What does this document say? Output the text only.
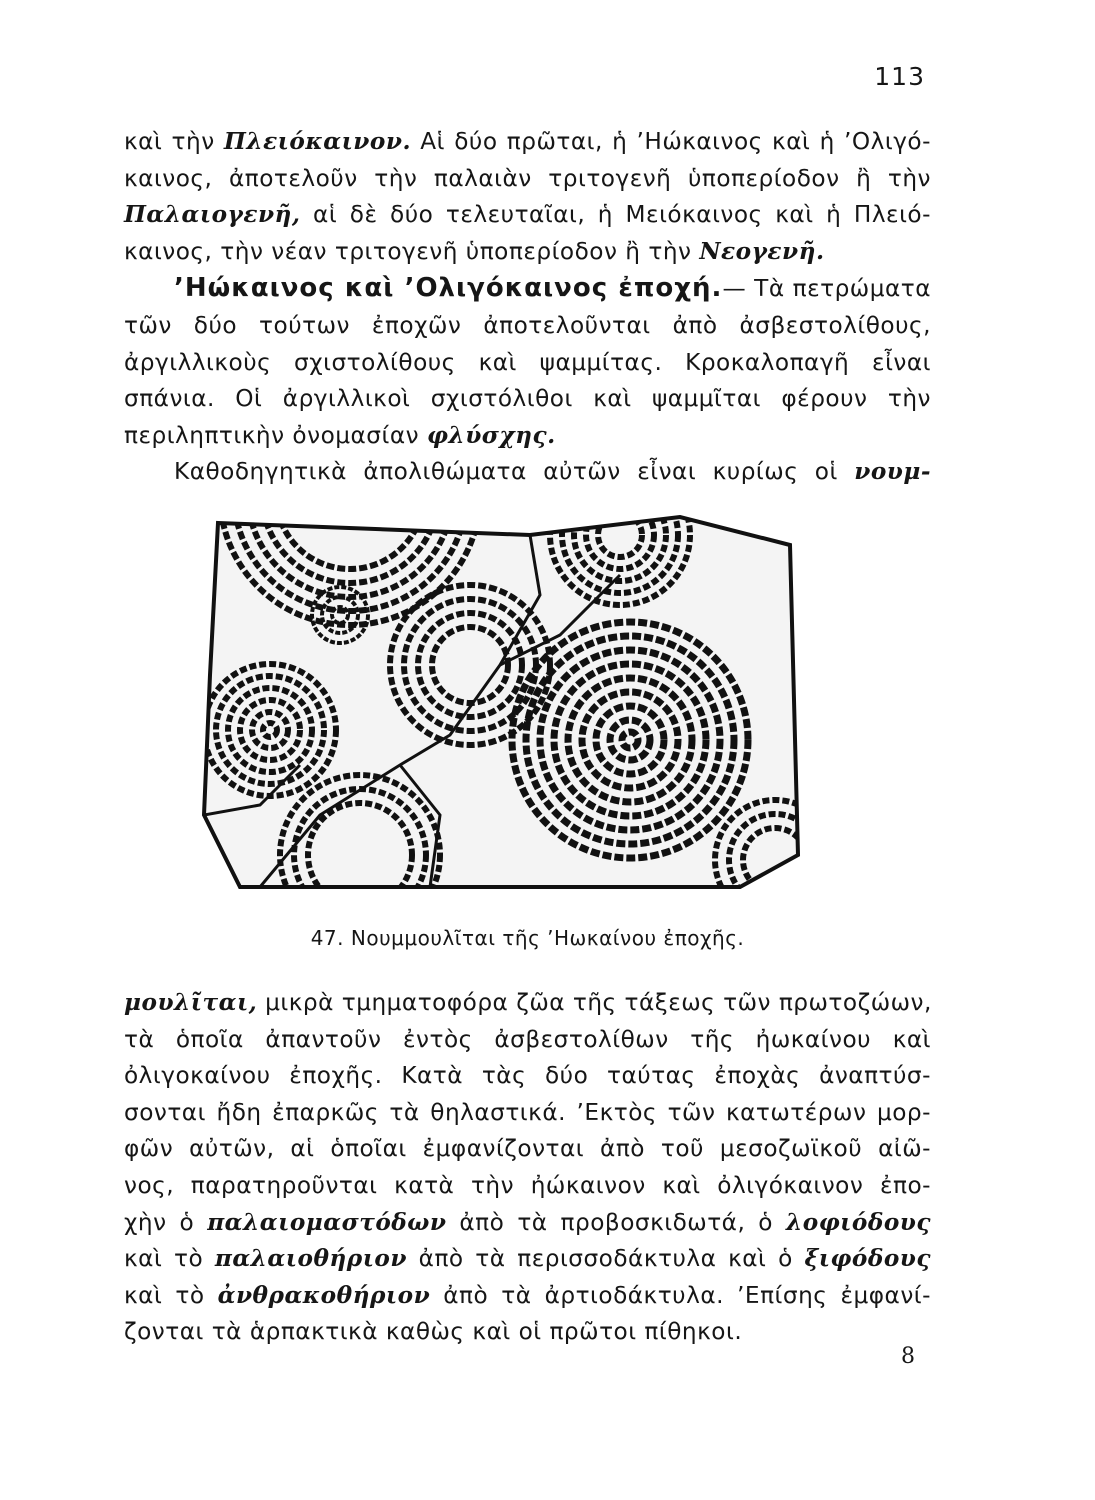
113
καὶ τὴν Πλειόκαινον. Αἱ δύο πρῶται, ἡ ’Ηώκαινος καὶ ἡ ’Ολιγό-
καινος, ἀποτελοῦν τὴν παλαιὰν τριτογενῆ ὑποπερίοδον ἢ τὴν
Παλαιογενῆ, αἱ δὲ δύο τελευταῖαι, ἡ Μειόκαινος καὶ ἡ Πλειό-
καινος, τὴν νέαν τριτογενῆ ὑποπερίοδον ἢ τὴν Νεογενῆ.
’Ηώκαινος καὶ ’Ολιγόκαινος ἐποχή.— Τὰ πετρώματα
τῶν δύο τούτων ἐποχῶν ἀποτελοῦνται ἀπὸ ἀσβεστολίθους,
ἀργιλλικοὺς σχιστολίθους καὶ ψαμμίτας. Κροκαλοπαγῆ εἶναι
σπάνια. Οἱ ἀργιλλικοὶ σχιστόλιθοι καὶ ψαμμῖται φέρουν τὴν
περιληπτικὴν ὀνομασίαν φλύσχης.
Καθοδηγητικὰ ἀπολιθώματα αὐτῶν εἶναι κυρίως οἱ νουμ-
47. Νουμμουλῖται τῆς ’Ηωκαίνου ἐποχῆς.
μουλῖται, μικρὰ τμηματοφόρα ζῶα τῆς τάξεως τῶν πρωτοζώων,
τὰ ὁποῖα ἀπαντοῦν ἐντὸς ἀσβεστολίθων τῆς ἠωκαίνου καὶ
ὀλιγοκαίνου ἐποχῆς. Κατὰ τὰς δύο ταύτας ἐποχὰς ἀναπτύσ-
σονται ἤδη ἐπαρκῶς τὰ θηλαστικά. ’Εκτὸς τῶν κατωτέρων μορ-
φῶν αὐτῶν, αἱ ὁποῖαι ἐμφανίζονται ἀπὸ τοῦ μεσοζωϊκοῦ αἰῶ-
νος, παρατηροῦνται κατὰ τὴν ἠώκαινον καὶ ὀλιγόκαινον ἐπο-
χὴν ὁ παλαιομαστόδων ἀπὸ τὰ προβοσκιδωτά, ὁ λοφιόδους
καὶ τὸ παλαιοθήριον ἀπὸ τὰ περισσοδάκτυλα καὶ ὁ ξιφόδους
καὶ τὸ ἀνθρακοθήριον ἀπὸ τὰ ἀρτιοδάκτυλα. ’Επίσης ἐμφανί-
ζονται τὰ ἁρπακτικὰ καθὼς καὶ οἱ πρῶτοι πίθηκοι.
8
